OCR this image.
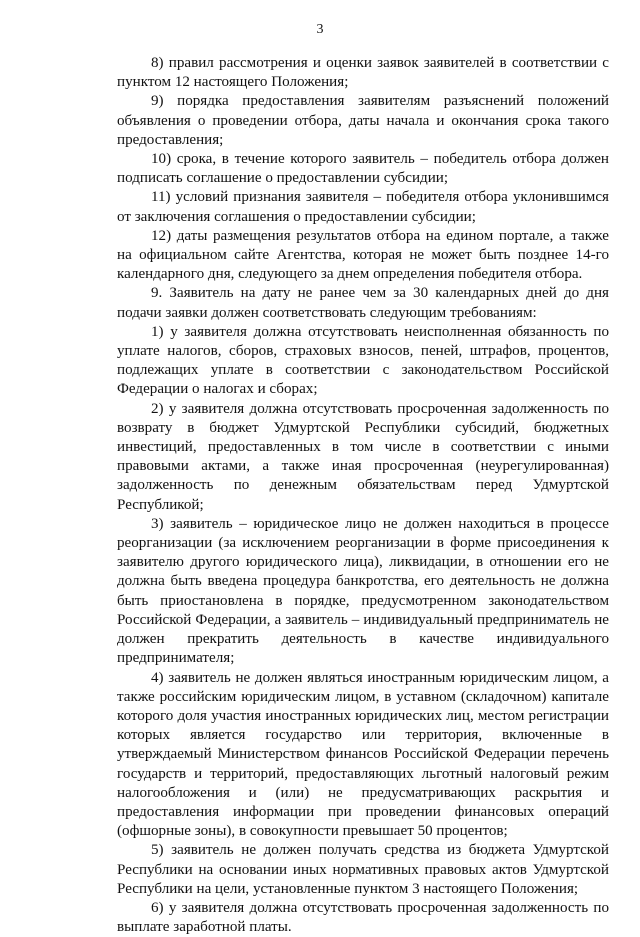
3

8) правил рассмотрения и оценки заявок заявителей в соответствии с пунктом 12 настоящего Положения;

9) порядка предоставления заявителям разъяснений положений объявления о проведении отбора, даты начала и окончания срока такого предоставления;

10) срока, в течение которого заявитель – победитель отбора должен подписать соглашение о предоставлении субсидии;

11) условий признания заявителя – победителя отбора уклонившимся от заключения соглашения о предоставлении субсидии;

12) даты размещения результатов отбора на едином портале, а также на официальном сайте Агентства, которая не может быть позднее 14-го календарного дня, следующего за днем определения победителя отбора.

9. Заявитель на дату не ранее чем за 30 календарных дней до дня подачи заявки должен соответствовать следующим требованиям:

1) у заявителя должна отсутствовать неисполненная обязанность по уплате налогов, сборов, страховых взносов, пеней, штрафов, процентов, подлежащих уплате в соответствии с законодательством Российской Федерации о налогах и сборах;

2) у заявителя должна отсутствовать просроченная задолженность по возврату в бюджет Удмуртской Республики субсидий, бюджетных инвестиций, предоставленных в том числе в соответствии с иными правовыми актами, а также иная просроченная (неурегулированная) задолженность по денежным обязательствам перед Удмуртской Республикой;

3) заявитель – юридическое лицо не должен находиться в процессе реорганизации (за исключением реорганизации в форме присоединения к заявителю другого юридического лица), ликвидации, в отношении его не должна быть введена процедура банкротства, его деятельность не должна быть приостановлена в порядке, предусмотренном законодательством Российской Федерации, а заявитель – индивидуальный предприниматель не должен прекратить деятельность в качестве индивидуального предпринимателя;

4) заявитель не должен являться иностранным юридическим лицом, а также российским юридическим лицом, в уставном (складочном) капитале которого доля участия иностранных юридических лиц, местом регистрации которых является государство или территория, включенные в утверждаемый Министерством финансов Российской Федерации перечень государств и территорий, предоставляющих льготный налоговый режим налогообложения и (или) не предусматривающих раскрытия и предоставления информации при проведении финансовых операций (офшорные зоны), в совокупности превышает 50 процентов;

5) заявитель не должен получать средства из бюджета Удмуртской Республики на основании иных нормативных правовых актов Удмуртской Республики на цели, установленные пунктом 3 настоящего Положения;

6) у заявителя должна отсутствовать просроченная задолженность по выплате заработной платы.
